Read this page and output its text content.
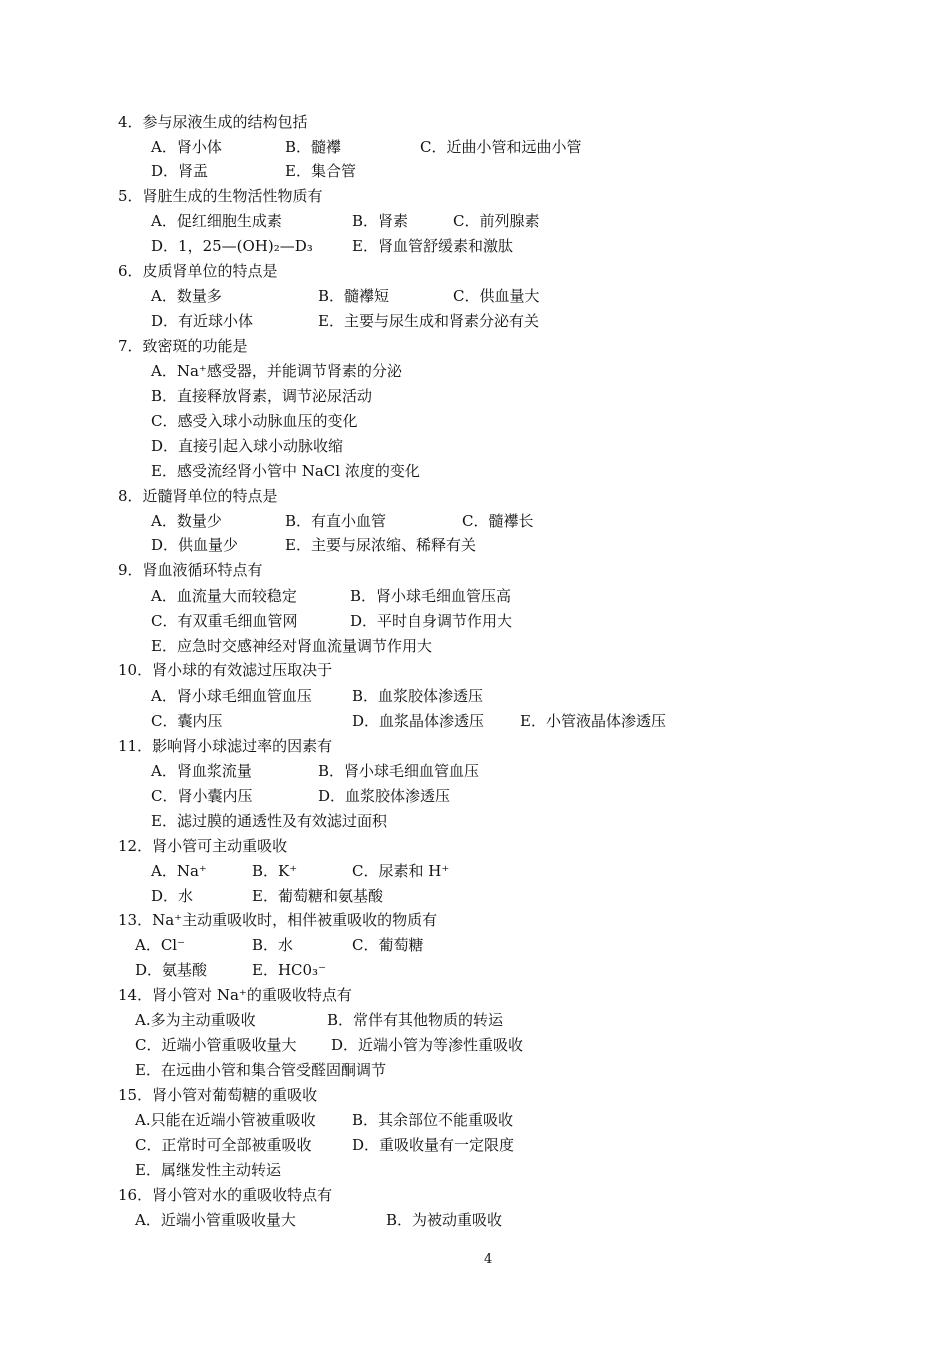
4．参与尿液生成的结构包括
A．肾小体	B．髓襻	C．近曲小管和远曲小管
D．肾盂	E．集合管
5．肾脏生成的生物活性物质有
A．促红细胞生成素	B．肾素	C．前列腺素
D．1，25—(OH)₂—D₃	E．肾血管舒缓素和激肽
6．皮质肾单位的特点是
A．数量多	B．髓襻短	C．供血量大
D．有近球小体	E．主要与尿生成和肾素分泌有关
7．致密斑的功能是
A．Na⁺感受器，并能调节肾素的分泌
B．直接释放肾素，调节泌尿活动
C．感受入球小动脉血压的变化
D．直接引起入球小动脉收缩
E．感受流经肾小管中 NaCl 浓度的变化
8．近髓肾单位的特点是
A．数量少	B．有直小血管	C．髓襻长
D．供血量少	E．主要与尿浓缩、稀释有关
9．肾血液循环特点有
A．血流量大而较稳定	B．肾小球毛细血管压高
C．有双重毛细血管网	D．平时自身调节作用大
E．应急时交感神经对肾血流量调节作用大
10．肾小球的有效滤过压取决于
A．肾小球毛细血管血压	B．血浆胶体渗透压
C．囊内压	D．血浆晶体渗透压 E．小管液晶体渗透压
11．影响肾小球滤过率的因素有
A．肾血浆流量	B．肾小球毛细血管血压
C．肾小囊内压	D．血浆胶体渗透压
E．滤过膜的通透性及有效滤过面积
12．肾小管可主动重吸收
A．Na⁺	B．K⁺	C．尿素和 H⁺
D．水	E．葡萄糖和氨基酸
13．Na⁺主动重吸收时，相伴被重吸收的物质有
A．Cl⁻	B．水	C．葡萄糖
D．氨基酸	E．HC0₃⁻
14．肾小管对 Na⁺的重吸收特点有
A.多为主动重吸收	B．常伴有其他物质的转运
C．近端小管重吸收量大 D．近端小管为等渗性重吸收
E．在远曲小管和集合管受醛固酮调节
15．肾小管对葡萄糖的重吸收
A.只能在近端小管被重吸收 B．其余部位不能重吸收
C．正常时可全部被重吸收	D．重吸收量有一定限度
E．属继发性主动转运
16．肾小管对水的重吸收特点有
A．近端小管重吸收量大	B．为被动重吸收
4
